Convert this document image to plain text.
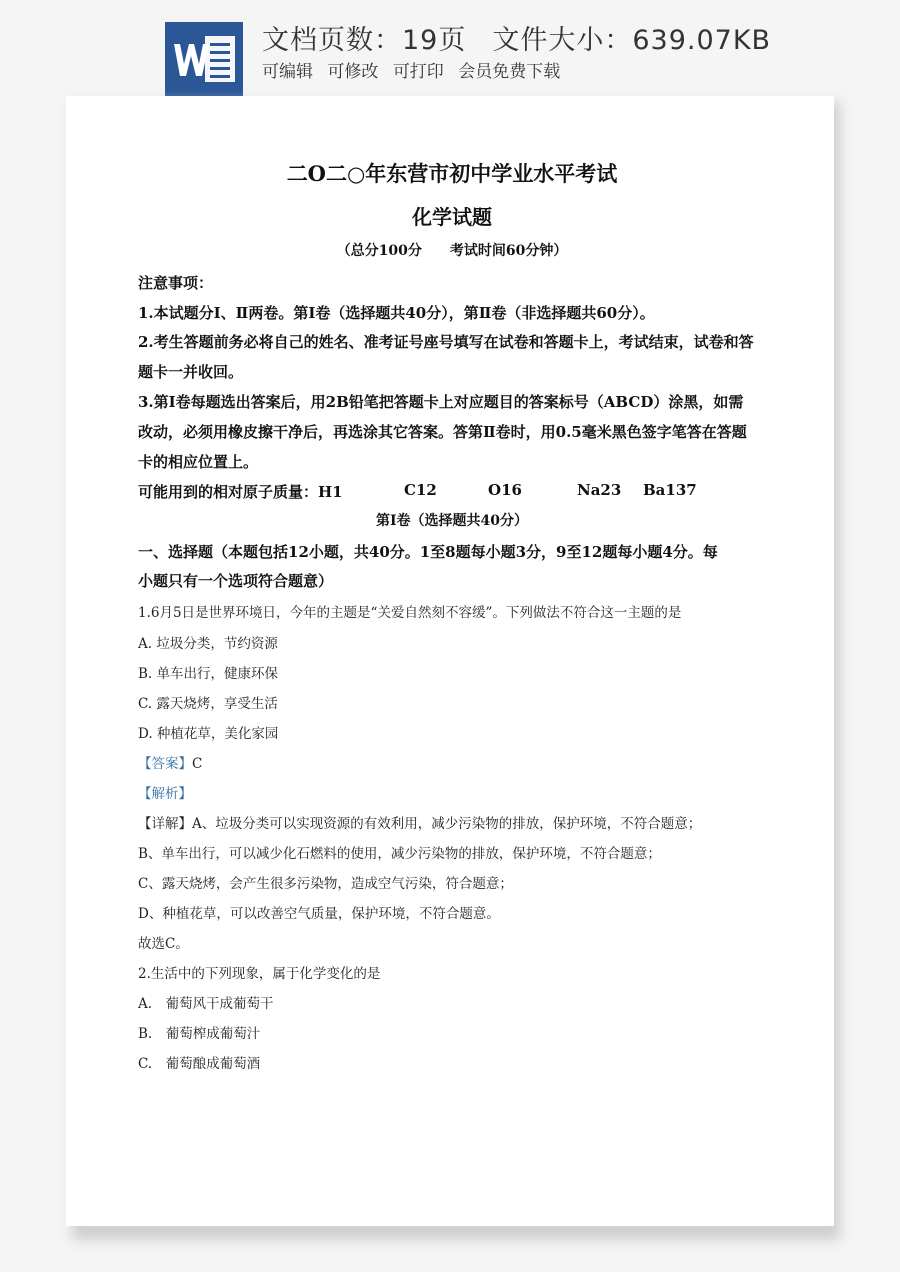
文档页数：19页 文件大小：639.07KB
可编辑 可修改 可打印 会员免费下载
二O二○年东营市初中学业水平考试
化学试题
（总分100分　　考试时间60分钟）
注意事项：
1.本试题分Ⅰ、Ⅱ两卷。第Ⅰ卷（选择题共40分），第Ⅱ卷（非选择题共60分）。
2.考生答题前务必将自己的姓名、准考证号座号填写在试卷和答题卡上，考试结束，试卷和答
题卡一并收回。
3.第Ⅰ卷每题选出答案后，用2B铅笔把答题卡上对应题目的答案标号（ABCD）涂黑，如需
改动，必须用橡皮擦干净后，再选涂其它答案。答第Ⅱ卷时，用0.5毫米黑色签字笔答在答题
卡的相应位置上。
可能用到的相对原子质量：H1	C12	O16	Na23 Ba137
第Ⅰ卷（选择题共40分）
一、选择题（本题包括12小题，共40分。1至8题每小题3分，9至12题每小题4分。每
小题只有一个选项符合题意）
1.6月5日是世界环境日，今年的主题是“关爱自然刻不容缓”。下列做法不符合这一主题的是
A. 垃圾分类，节约资源
B. 单车出行，健康环保
C. 露天烧烤，享受生活
D. 种植花草，美化家园
【答案】C
【解析】
【详解】A、垃圾分类可以实现资源的有效利用，减少污染物的排放，保护环境，不符合题意；
B、单车出行，可以减少化石燃料的使用，减少污染物的排放，保护环境，不符合题意；
C、露天烧烤，会产生很多污染物，造成空气污染，符合题意；
D、种植花草，可以改善空气质量，保护环境，不符合题意。
故选C。
2.生活中的下列现象，属于化学变化的是
A.　葡萄风干成葡萄干
B.　葡萄榨成葡萄汁
C.　葡萄酿成葡萄酒
